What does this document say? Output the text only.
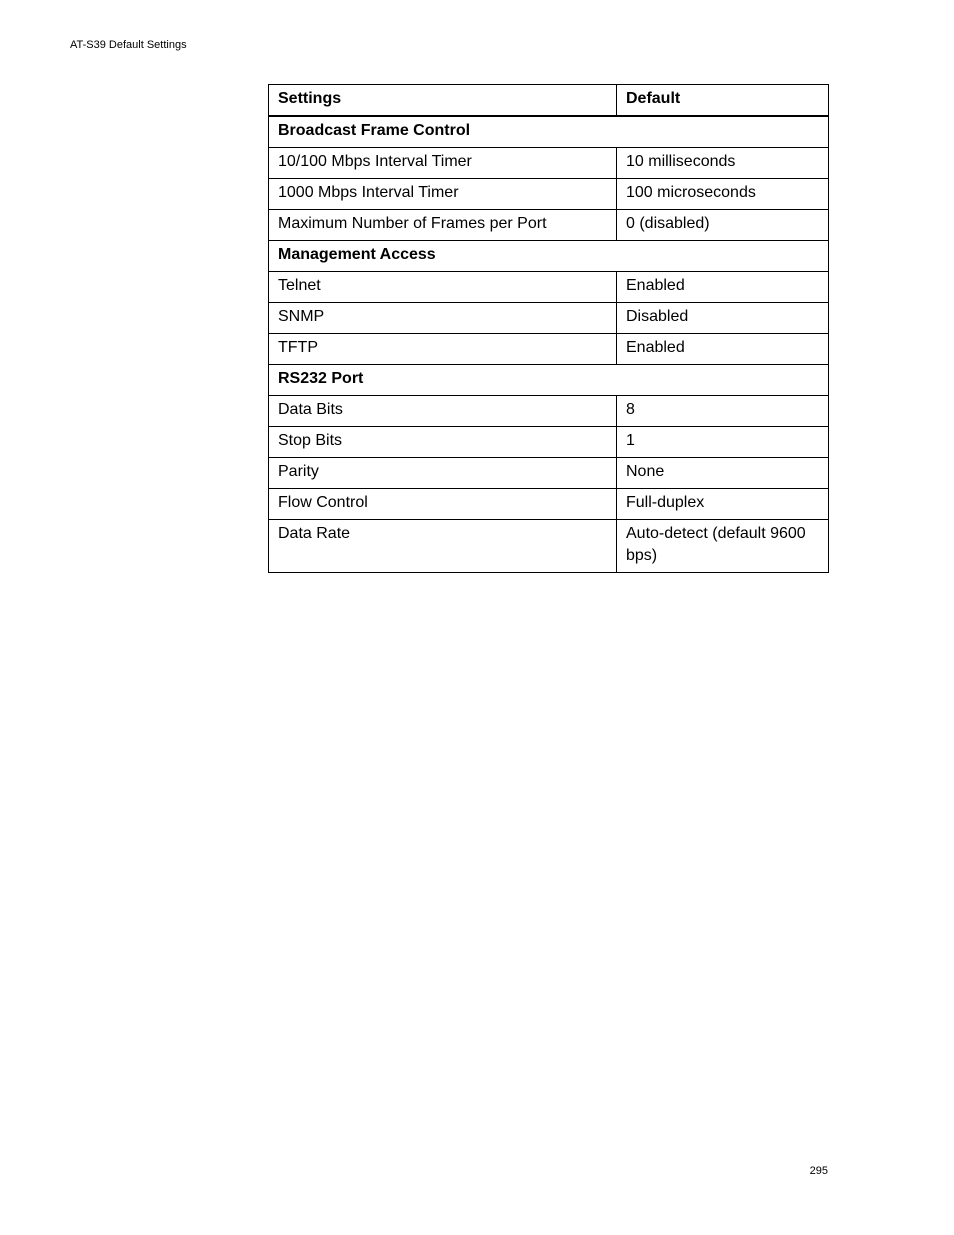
AT-S39 Default Settings
Settings	Default
Broadcast Frame Control	
10/100 Mbps Interval Timer	10 milliseconds
1000 Mbps Interval Timer	100 microseconds
Maximum Number of Frames per Port	0 (disabled)
Management Access	
Telnet	Enabled
SNMP	Disabled
TFTP	Enabled
RS232 Port	
Data Bits	8
Stop Bits	1
Parity	None
Flow Control	Full-duplex
Data Rate	Auto-detect (default 9600 bps)
295
